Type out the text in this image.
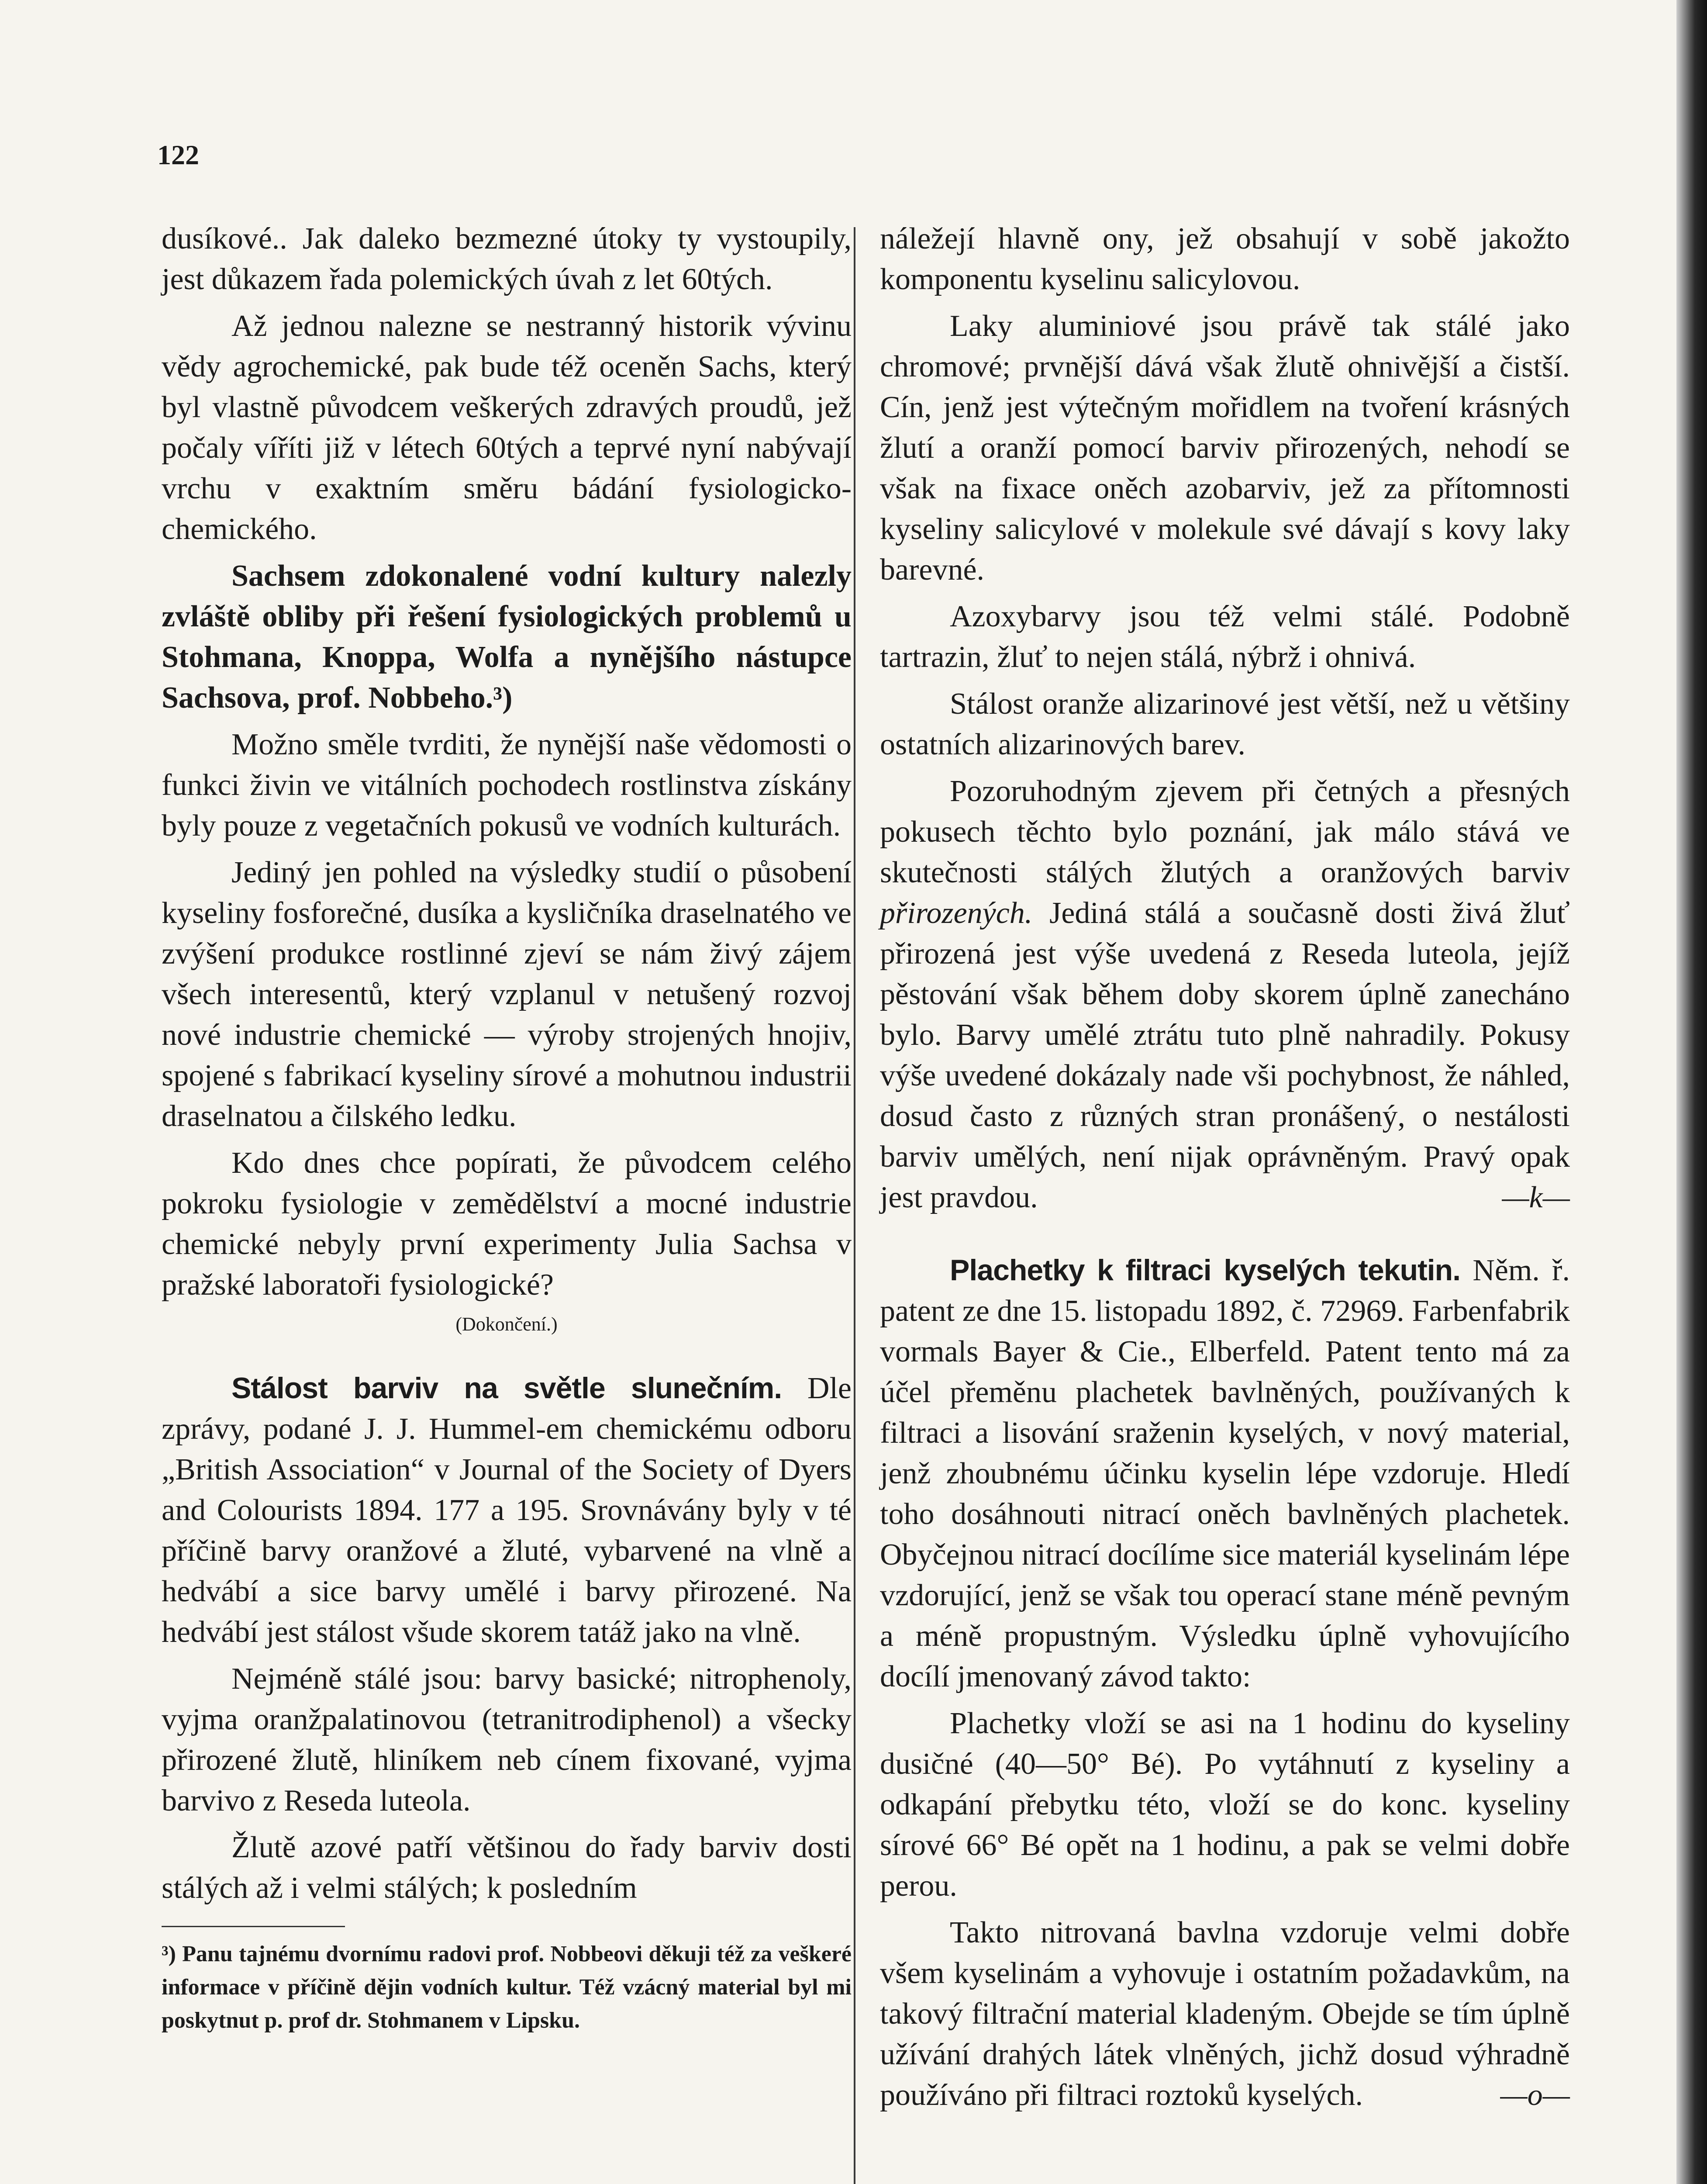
122

dusíkové.. Jak daleko bezmezné útoky ty vystoupily, jest důkazem řada polemických úvah z let 60tých.

Až jednou nalezne se nestranný historik vývinu vědy agrochemické, pak bude též oceněn Sachs, který byl vlastně původcem veškerých zdravých proudů, jež počaly víříti již v létech 60tých a teprvé nyní nabývají vrchu v exaktním směru bádání fysiologicko-chemického.

Sachsem zdokonalené vodní kultury nalezly zvláště obliby při řešení fysiologických problemů u Stohmana, Knoppa, Wolfa a nynějšího nástupce Sachsova, prof. Nobbeho.³)

Možno směle tvrditi, že nynější naše vědomosti o funkci živin ve vitálních pochodech rostlinstva získány byly pouze z vegetačních pokusů ve vodních kulturách.

Jediný jen pohled na výsledky studií o působení kyseliny fosforečné, dusíka a kysličníka draselnatého ve zvýšení produkce rostlinné zjeví se nám živý zájem všech interesentů, který vzplanul v netušený rozvoj nové industrie chemické — výroby strojených hnojiv, spojené s fabrikací kyseliny sírové a mohutnou industrii draselnatou a čilského ledku.

Kdo dnes chce popírati, že původcem celého pokroku fysiologie v zemědělství a mocné industrie chemické nebyly první experimenty Julia Sachsa v pražské laboratoři fysiologické?

(Dokončení.)

Stálost barviv na světle slunečním. Dle zprávy, podané J. J. Hummel-em chemickému odboru „British Association“ v Journal of the Society of Dyers and Colourists 1894. 177 a 195. Srovnávány byly v té příčině barvy oranžové a žluté, vybarvené na vlně a hedvábí a sice barvy umělé i barvy přirozené. Na hedvábí jest stálost všude skorem tatáž jako na vlně.

Nejméně stálé jsou: barvy basické; nitrophenoly, vyjma oranžpalatinovou (tetranitrodiphenol) a všecky přirozené žlutě, hliníkem neb cínem fixované, vyjma barvivo z Reseda luteola.

Žlutě azové patří většinou do řady barviv dosti stálých až i velmi stálých; k posledním

³) Panu tajnému dvornímu radovi prof. Nobbeovi děkuji též za veškeré informace v příčině dějin vodních kultur. Též vzácný material byl mi poskytnut p. prof dr. Stohmanem v Lipsku.

náležejí hlavně ony, jež obsahují v sobě jakožto komponentu kyselinu salicylovou.

Laky aluminiové jsou právě tak stálé jako chromové; prvnější dává však žlutě ohnivější a čistší. Cín, jenž jest výtečným mořidlem na tvoření krásných žlutí a oranží pomocí barviv přirozených, nehodí se však na fixace oněch azobarviv, jež za přítomnosti kyseliny salicylové v molekule své dávají s kovy laky barevné.

Azoxybarvy jsou též velmi stálé. Podobně tartrazin, žluť to nejen stálá, nýbrž i ohnivá.

Stálost oranže alizarinové jest větší, než u většiny ostatních alizarinových barev.

Pozoruhodným zjevem při četných a přesných pokusech těchto bylo poznání, jak málo stává ve skutečnosti stálých žlutých a oranžových barviv přirozených. Jediná stálá a současně dosti živá žluť přirozená jest výše uvedená z Reseda luteola, jejíž pěstování však během doby skorem úplně zanecháno bylo. Barvy umělé ztrátu tuto plně nahradily. Pokusy výše uvedené dokázaly nade vši pochybnost, že náhled, dosud často z různých stran pronášený, o nestálosti barviv umělých, není nijak oprávněným. Pravý opak jest pravdou.	—k—

Plachetky k filtraci kyselých tekutin. Něm. ř. patent ze dne 15. listopadu 1892, č. 72969. Farbenfabrik vormals Bayer & Cie., Elberfeld. Patent tento má za účel přeměnu plachetek bavlněných, používaných k filtraci a lisování sraženin kyselých, v nový material, jenž zhoubnému účinku kyselin lépe vzdoruje. Hledí toho dosáhnouti nitrací oněch bavlněných plachetek. Obyčejnou nitrací docílíme sice materiál kyselinám lépe vzdorující, jenž se však tou operací stane méně pevným a méně propustným. Výsledku úplně vyhovujícího docílí jmenovaný závod takto:

Plachetky vloží se asi na 1 hodinu do kyseliny dusičné (40—50° Bé). Po vytáhnutí z kyseliny a odkapání přebytku této, vloží se do konc. kyseliny sírové 66° Bé opět na 1 hodinu, a pak se velmi dobře perou.

Takto nitrovaná bavlna vzdoruje velmi dobře všem kyselinám a vyhovuje i ostatním požadavkům, na takový filtrační material kladeným. Obejde se tím úplně užívání drahých látek vlněných, jichž dosud výhradně používáno při filtraci roztoků kyselých.	—o—
